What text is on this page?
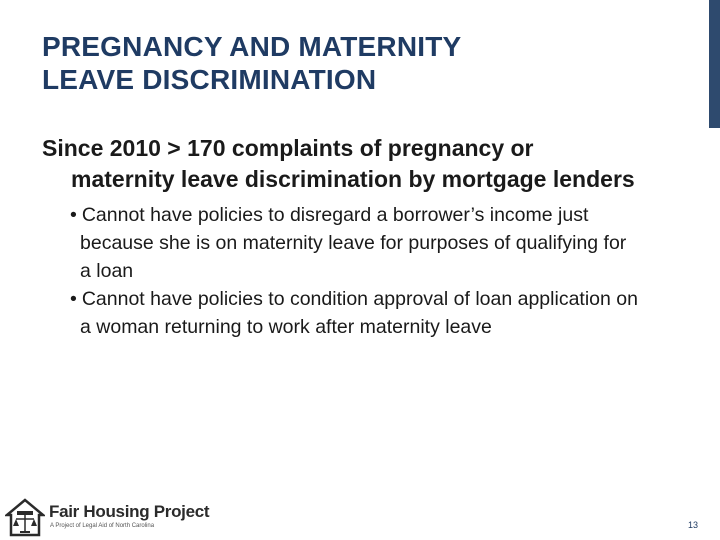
PREGNANCY AND MATERNITY
LEAVE DISCRIMINATION

Since 2010 > 170 complaints of pregnancy or maternity leave discrimination by mortgage lenders

• Cannot have policies to disregard a borrower’s income just because she is on maternity leave for purposes of qualifying for a loan
• Cannot have policies to condition approval of loan application on a woman returning to work after maternity leave
Fair Housing Project
A Project of Legal Aid of North Carolina	13
